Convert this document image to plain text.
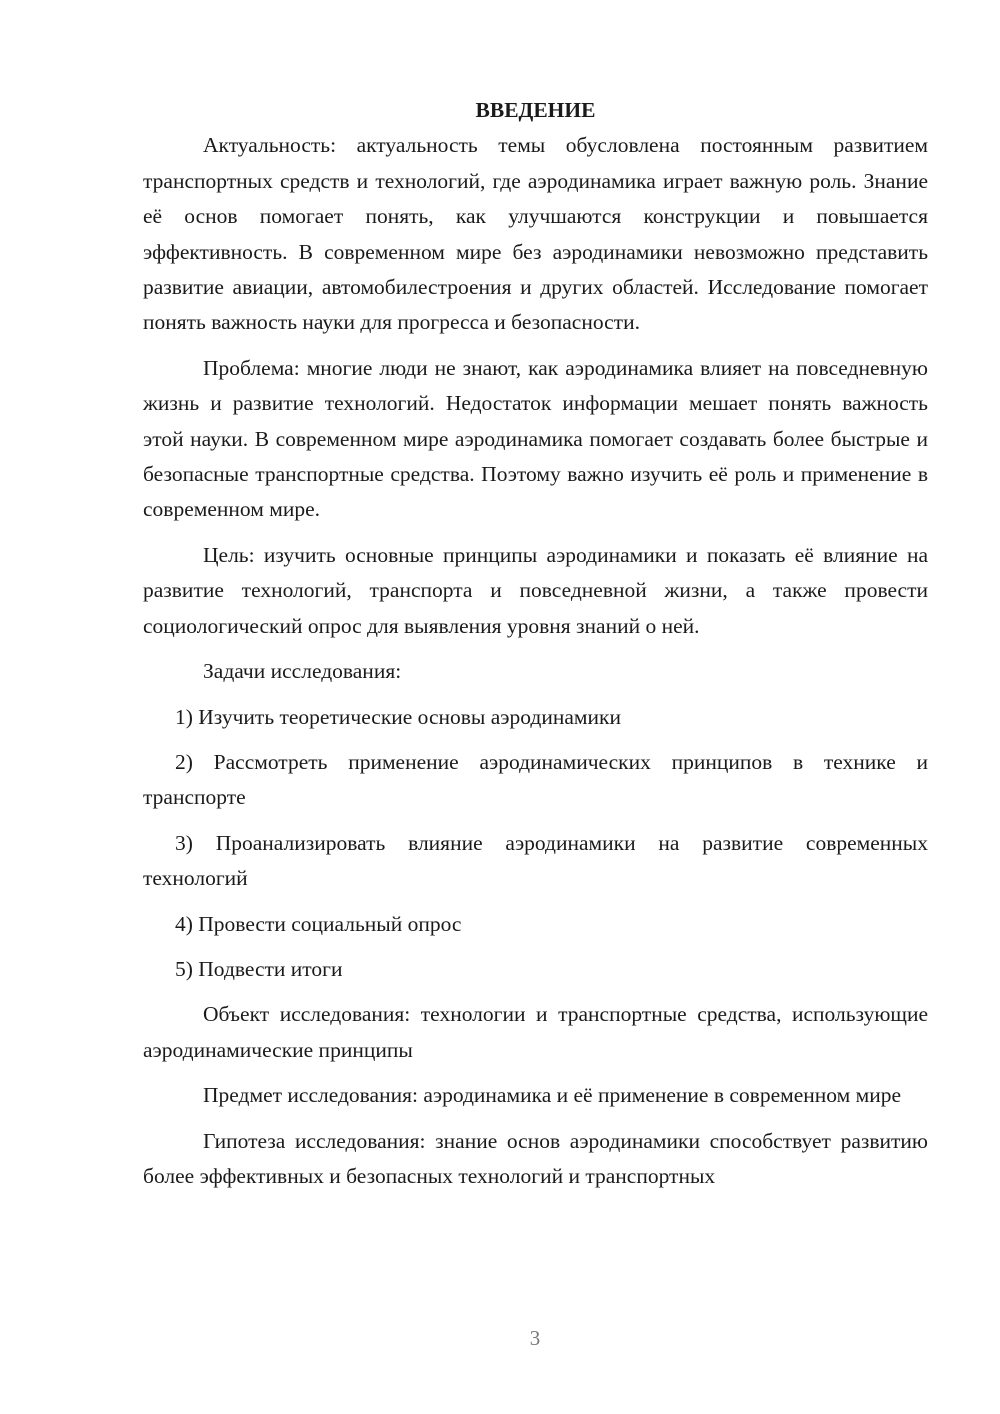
ВВЕДЕНИЕ

Актуальность: актуальность темы обусловлена постоянным развитием транспортных средств и технологий, где аэродинамика играет важную роль. Знание её основ помогает понять, как улучшаются конструкции и повышается эффективность. В современном мире без аэродинамики невозможно представить развитие авиации, автомобилестроения и других областей. Исследование помогает понять важность науки для прогресса и безопасности.

Проблема: многие люди не знают, как аэродинамика влияет на повседневную жизнь и развитие технологий. Недостаток информации мешает понять важность этой науки. В современном мире аэродинамика помогает создавать более быстрые и безопасные транспортные средства. Поэтому важно изучить её роль и применение в современном мире.

Цель: изучить основные принципы аэродинамики и показать её влияние на развитие технологий, транспорта и повседневной жизни, а также провести социологический опрос для выявления уровня знаний о ней.

Задачи исследования:

1) Изучить теоретические основы аэродинамики

2) Рассмотреть применение аэродинамических принципов в технике и транспорте

3) Проанализировать влияние аэродинамики на развитие современных технологий

4) Провести социальный опрос

5) Подвести итоги

Объект исследования: технологии и транспортные средства, использующие аэродинамические принципы

Предмет исследования: аэродинамика и её применение в современном мире

Гипотеза исследования: знание основ аэродинамики способствует развитию более эффективных и безопасных технологий и транспортных

3
